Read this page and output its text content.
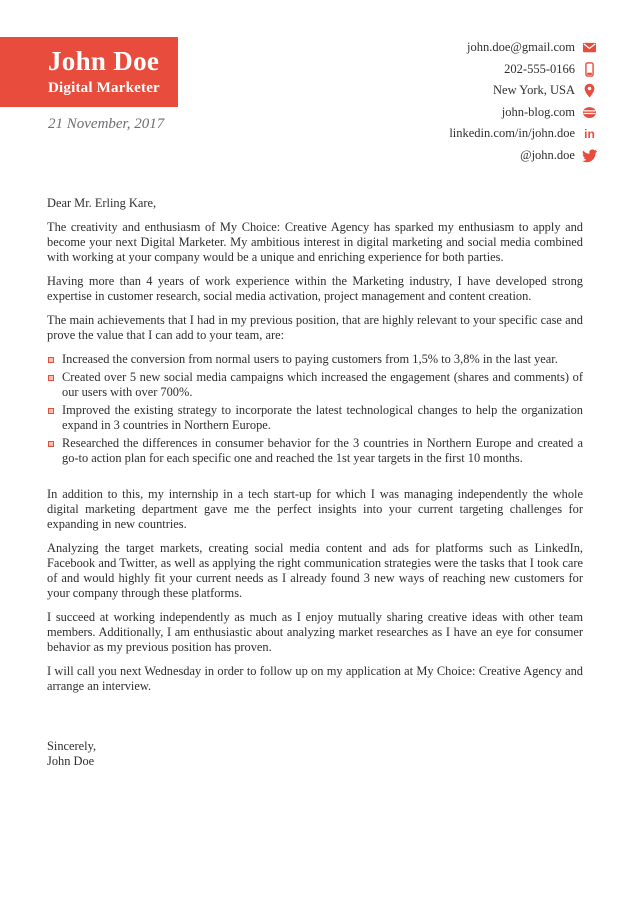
John Doe
Digital Marketer
21 November, 2017
john.doe@gmail.com
202-555-0166
New York, USA
john-blog.com
linkedin.com/in/john.doe in
@john.doe
Dear Mr. Erling Kare,

The creativity and enthusiasm of My Choice: Creative Agency has sparked my enthusiasm to apply and become your next Digital Marketer. My ambitious interest in digital marketing and social media combined with working at your company would be a unique and enriching experience for both parties.

Having more than 4 years of work experience within the Marketing industry, I have developed strong expertise in customer research, social media activation, project management and content creation.

The main achievements that I had in my previous position, that are highly relevant to your specific case and prove the value that I can add to your team, are:

Increased the conversion from normal users to paying customers from 1,5% to 3,8% in the last year.
Created over 5 new social media campaigns which increased the engagement (shares and comments) of our users with over 700%.
Improved the existing strategy to incorporate the latest technological changes to help the organization expand in 3 countries in Northern Europe.
Researched the differences in consumer behavior for the 3 countries in Northern Europe and created a go-to action plan for each specific one and reached the 1st year targets in the first 10 months.

In addition to this, my internship in a tech start-up for which I was managing independently the whole digital marketing department gave me the perfect insights into your current targeting challenges for expanding in new countries.

Analyzing the target markets, creating social media content and ads for platforms such as LinkedIn, Facebook and Twitter, as well as applying the right communication strategies were the tasks that I took care of and would highly fit your current needs as I already found 3 new ways of reaching new customers for your company through these platforms.

I succeed at working independently as much as I enjoy mutually sharing creative ideas with other team members. Additionally, I am enthusiastic about analyzing market researches as I have an eye for consumer behavior as my previous position has proven.

I will call you next Wednesday in order to follow up on my application at My Choice: Creative Agency and arrange an interview.

Sincerely,
John Doe
